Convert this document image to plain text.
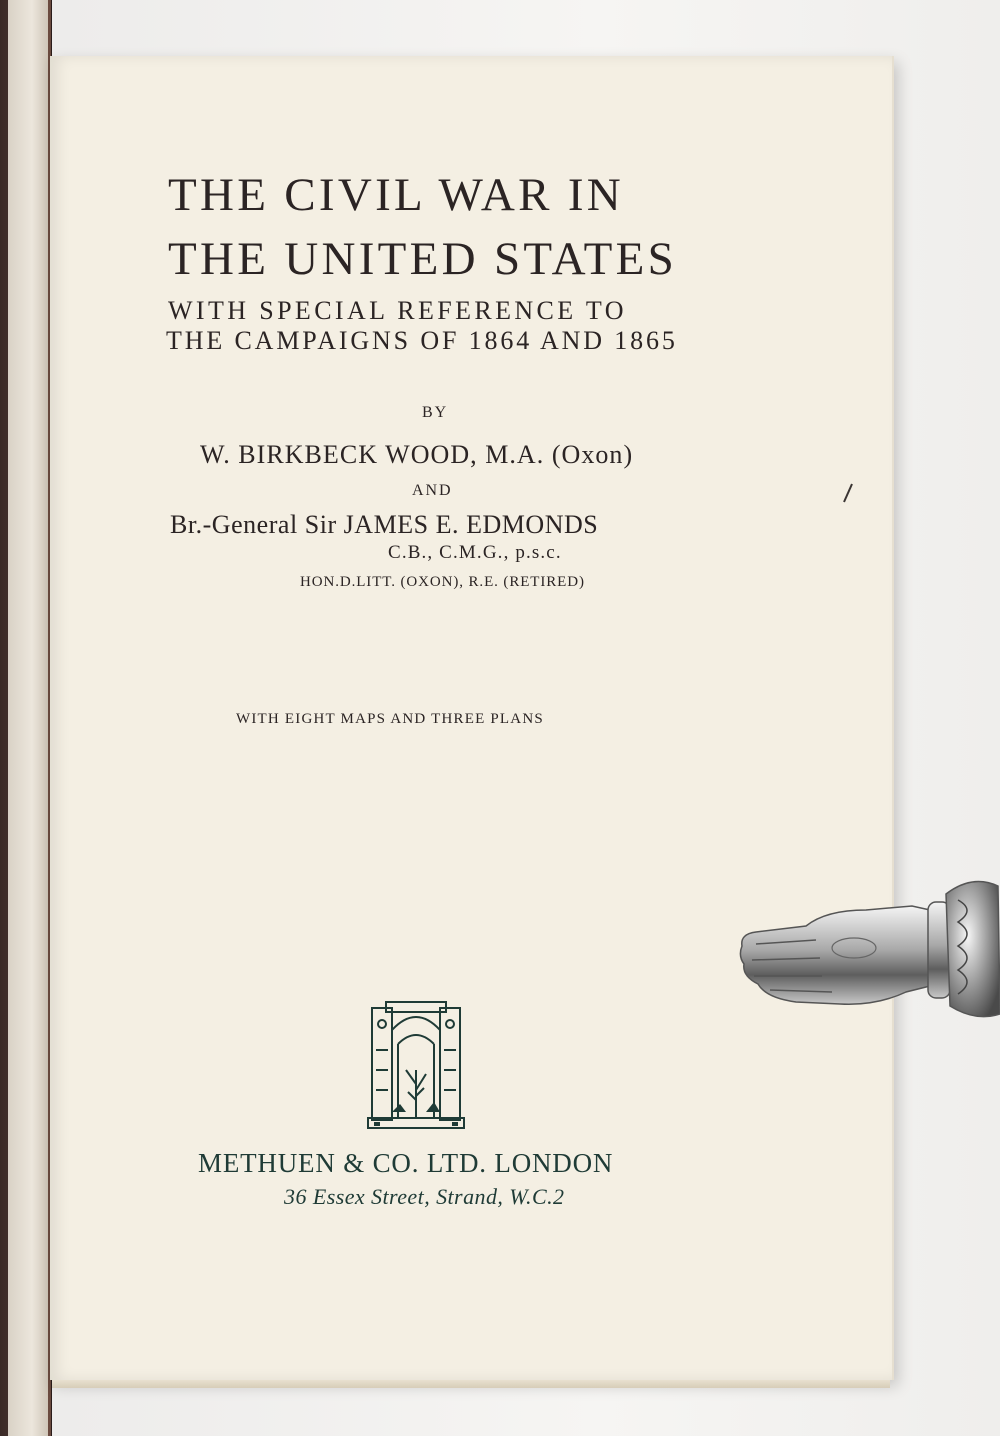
THE CIVIL WAR IN
THE UNITED STATES
WITH SPECIAL REFERENCE TO
THE CAMPAIGNS OF 1864 AND 1865
BY
W. BIRKBECK WOOD, M.A. (Oxon)
AND
Br.-General Sir JAMES E. EDMONDS
C.B., C.M.G., p.s.c.
HON.D.LITT. (OXON), R.E. (RETIRED)
WITH EIGHT MAPS AND THREE PLANS
METHUEN & CO. LTD. LONDON
36 Essex Street, Strand, W.C.2
